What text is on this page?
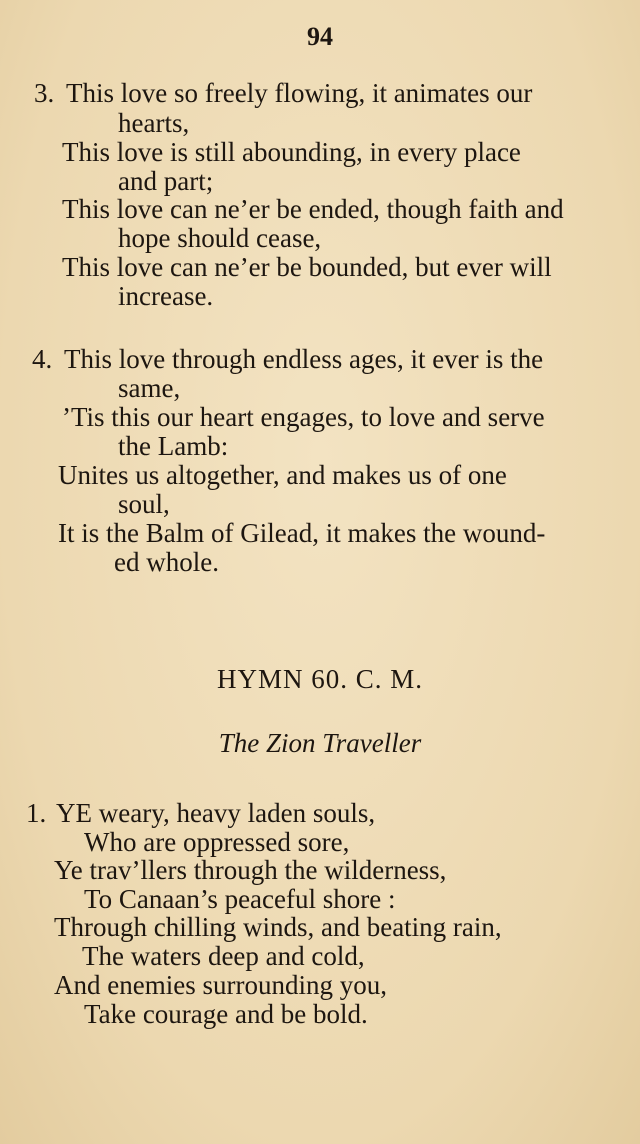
94
3. This love so freely flowing, it animates our
hearts,
This love is still abounding, in every place
and part;
This love can ne’er be ended, though faith and
hope should cease,
This love can ne’er be bounded, but ever will
increase.
4. This love through endless ages, it ever is the
same,
’Tis this our heart engages, to love and serve
the Lamb:
Unites us altogether, and makes us of one
soul,
It is the Balm of Gilead, it makes the wound-
ed whole.
HYMN 60. C. M.
The Zion Traveller
1. YE weary, heavy laden souls,
Who are oppressed sore,
Ye trav’llers through the wilderness,
To Canaan’s peaceful shore :
Through chilling winds, and beating rain,
The waters deep and cold,
And enemies surrounding you,
Take courage and be bold.
